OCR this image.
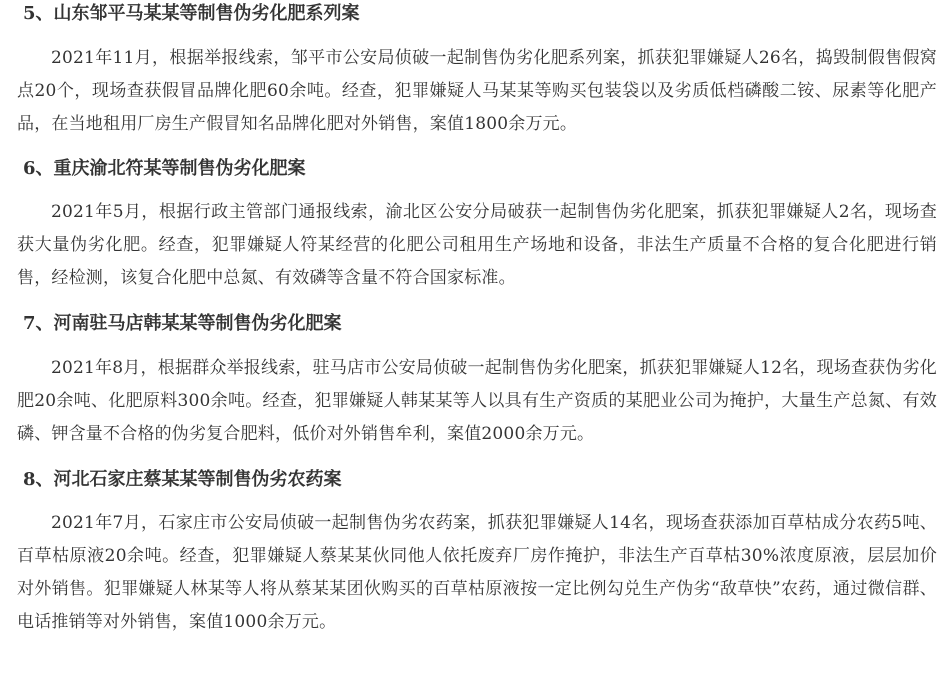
5、山东邹平马某某等制售伪劣化肥系列案

2021年11月，根据举报线索，邹平市公安局侦破一起制售伪劣化肥系列案，抓获犯罪嫌疑人26名，捣毁制假售假窝点20个，现场查获假冒品牌化肥60余吨。经查，犯罪嫌疑人马某某等购买包装袋以及劣质低档磷酸二铵、尿素等化肥产品，在当地租用厂房生产假冒知名品牌化肥对外销售，案值1800余万元。

6、重庆渝北符某等制售伪劣化肥案

2021年5月，根据行政主管部门通报线索，渝北区公安分局破获一起制售伪劣化肥案，抓获犯罪嫌疑人2名，现场查获大量伪劣化肥。经查，犯罪嫌疑人符某经营的化肥公司租用生产场地和设备，非法生产质量不合格的复合化肥进行销售，经检测，该复合化肥中总氮、有效磷等含量不符合国家标准。

7、河南驻马店韩某某等制售伪劣化肥案

2021年8月，根据群众举报线索，驻马店市公安局侦破一起制售伪劣化肥案，抓获犯罪嫌疑人12名，现场查获伪劣化肥20余吨、化肥原料300余吨。经查，犯罪嫌疑人韩某某等人以具有生产资质的某肥业公司为掩护，大量生产总氮、有效磷、钾含量不合格的伪劣复合肥料，低价对外销售牟利，案值2000余万元。

8、河北石家庄蔡某某等制售伪劣农药案

2021年7月，石家庄市公安局侦破一起制售伪劣农药案，抓获犯罪嫌疑人14名，现场查获添加百草枯成分农药5吨、百草枯原液20余吨。经查，犯罪嫌疑人蔡某某伙同他人依托废弃厂房作掩护，非法生产百草枯30%浓度原液，层层加价对外销售。犯罪嫌疑人林某等人将从蔡某某团伙购买的百草枯原液按一定比例勾兑生产伪劣“敌草快”农药，通过微信群、电话推销等对外销售，案值1000余万元。
